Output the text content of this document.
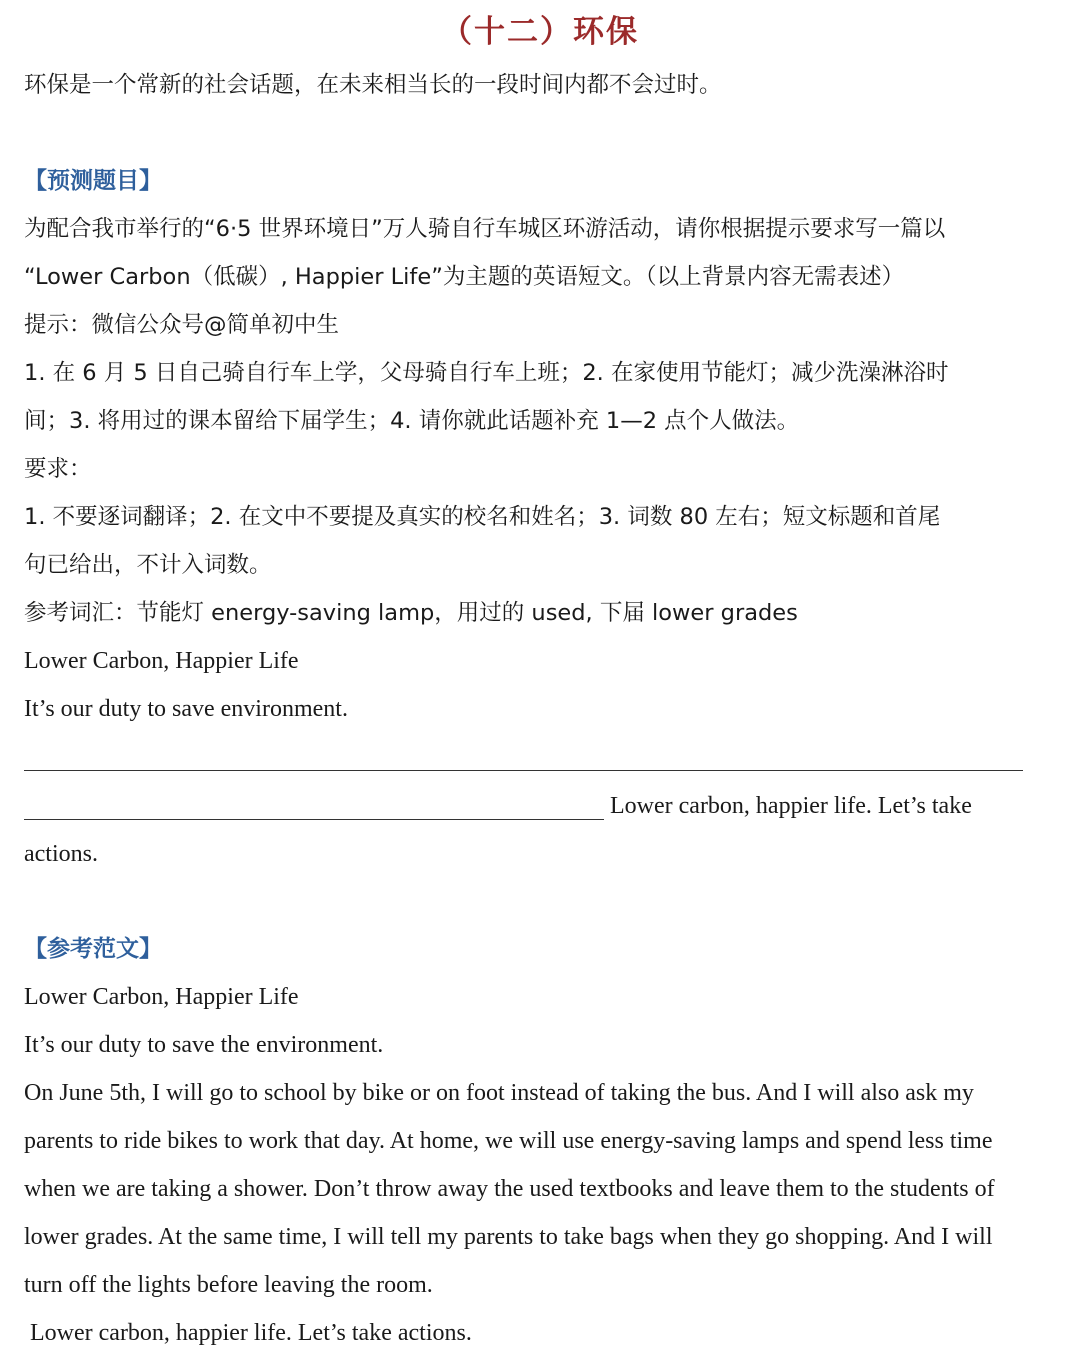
（十二）环保
环保是一个常新的社会话题，在未来相当长的一段时间内都不会过时。
【预测题目】
为配合我市举行的“6·5 世界环境日”万人骑自行车城区环游活动，请你根据提示要求写一篇以
“Lower Carbon（低碳）, Happier Life”为主题的英语短文。（以上背景内容无需表述）
提示：微信公众号@简单初中生
1. 在 6 月 5 日自己骑自行车上学，父母骑自行车上班；2. 在家使用节能灯；减少洗澡淋浴时
间；3. 将用过的课本留给下届学生；4. 请你就此话题补充 1—2 点个人做法。
要求：
1. 不要逐词翻译；2. 在文中不要提及真实的校名和姓名；3. 词数 80 左右；短文标题和首尾
句已给出，不计入词数。
参考词汇：节能灯 energy-saving lamp，用过的 used, 下届 lower grades
Lower Carbon, Happier Life
It’s our duty to save environment.
Lower carbon, happier life. Let’s take
actions.
【参考范文】
Lower Carbon, Happier Life
It’s our duty to save the environment.
On June 5th, I will go to school by bike or on foot instead of taking the bus. And I will also ask my
parents to ride bikes to work that day. At home, we will use energy-saving lamps and spend less time
when we are taking a shower. Don’t throw away the used textbooks and leave them to the students of
lower grades. At the same time, I will tell my parents to take bags when they go shopping. And I will
turn off the lights before leaving the room.
Lower carbon, happier life. Let’s take actions.
